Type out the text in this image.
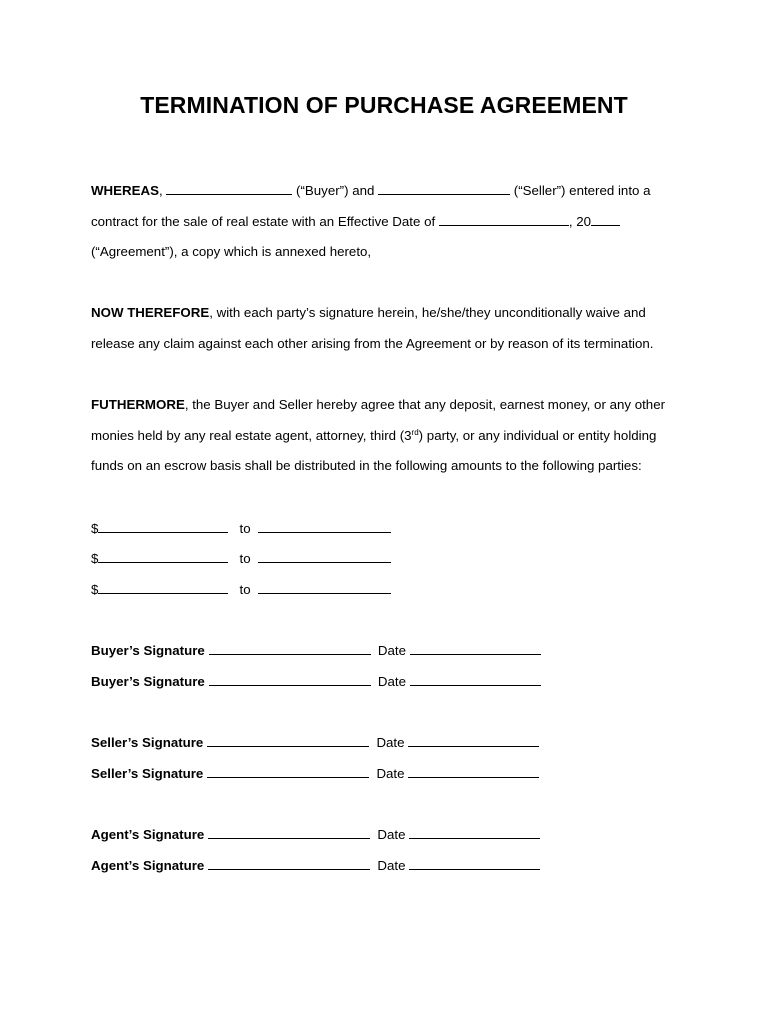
TERMINATION OF PURCHASE AGREEMENT
WHEREAS,	(“Buyer”) and	(“Seller”) entered into a
contract for the sale of real estate with an Effective Date of	, 20
(“Agreement”), a copy which is annexed hereto,
NOW THEREFORE, with each party’s signature herein, he/she/they unconditionally waive and
release any claim against each other arising from the Agreement or by reason of its termination.
FUTHERMORE, the Buyer and Seller hereby agree that any deposit, earnest money, or any other
monies held by any real estate agent, attorney, third (3rd) party, or any individual or entity holding
funds on an escrow basis shall be distributed in the following amounts to the following parties:
$	to
$	to
$	to
Buyer’s Signature	Date
Buyer’s Signature	Date
Seller’s Signature	Date
Seller’s Signature	Date
Agent’s Signature	Date
Agent’s Signature	Date
